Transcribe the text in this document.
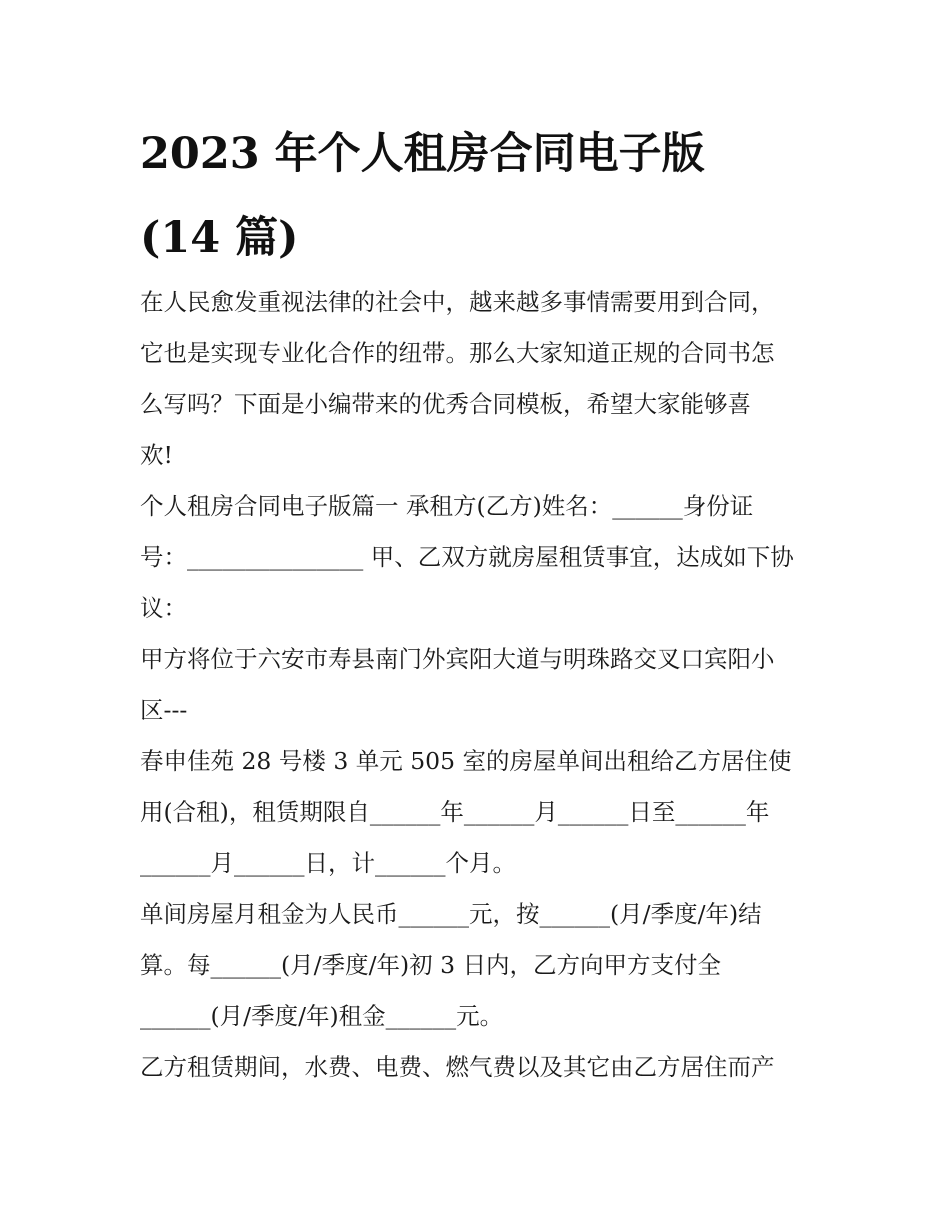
2023 年个人租房合同电子版
(14 篇)
在人民愈发重视法律的社会中，越来越多事情需要用到合同，
它也是实现专业化合作的纽带。那么大家知道正规的合同书怎
么写吗？下面是小编带来的优秀合同模板，希望大家能够喜
欢!
个人租房合同电子版篇一 承租方(乙方)姓名：______身份证
号：_______________ 甲、乙双方就房屋租赁事宜，达成如下协
议：
甲方将位于六安市寿县南门外宾阳大道与明珠路交叉口宾阳小
区---
春申佳苑 28 号楼 3 单元 505 室的房屋单间出租给乙方居住使
用(合租)，租赁期限自______年______月______日至______年
______月______日，计______个月。
单间房屋月租金为人民币______元，按______(月/季度/年)结
算。每______(月/季度/年)初 3 日内，乙方向甲方支付全
______(月/季度/年)租金______元。
乙方租赁期间，水费、电费、燃气费以及其它由乙方居住而产
